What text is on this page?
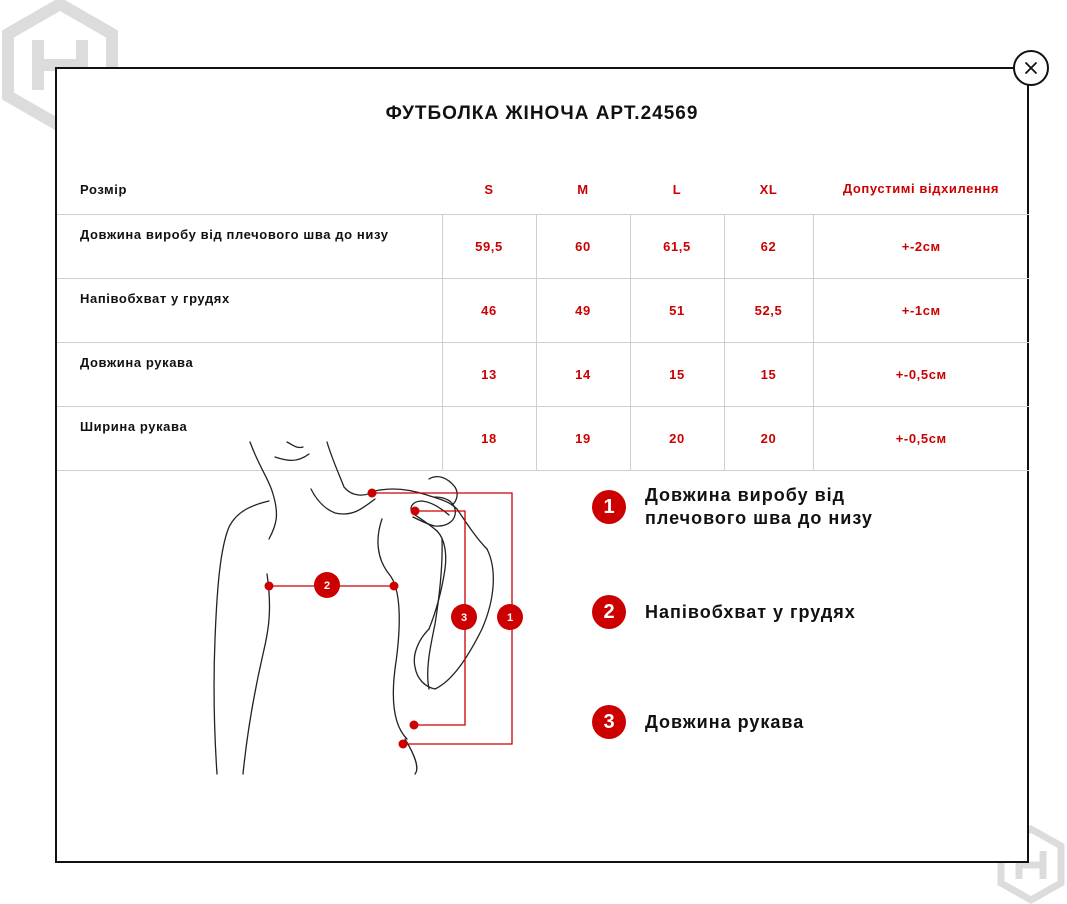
ФУТБОЛКА ЖІНОЧА АРТ.24569
Розмір	S	M	L	XL	Допустимі відхилення
Довжина виробу від плечового шва до низу	59,5	60	61,5	62	+-2см
Напівобхват у грудях	46	49	51	52,5	+-1см
Довжина рукава	13	14	15	15	+-0,5см
Ширина рукава	18	19	20	20	+-0,5см
2
3	1
1
Довжина виробу від плечового шва до низу
2	Напівобхват у грудях
3	Довжина рукава
